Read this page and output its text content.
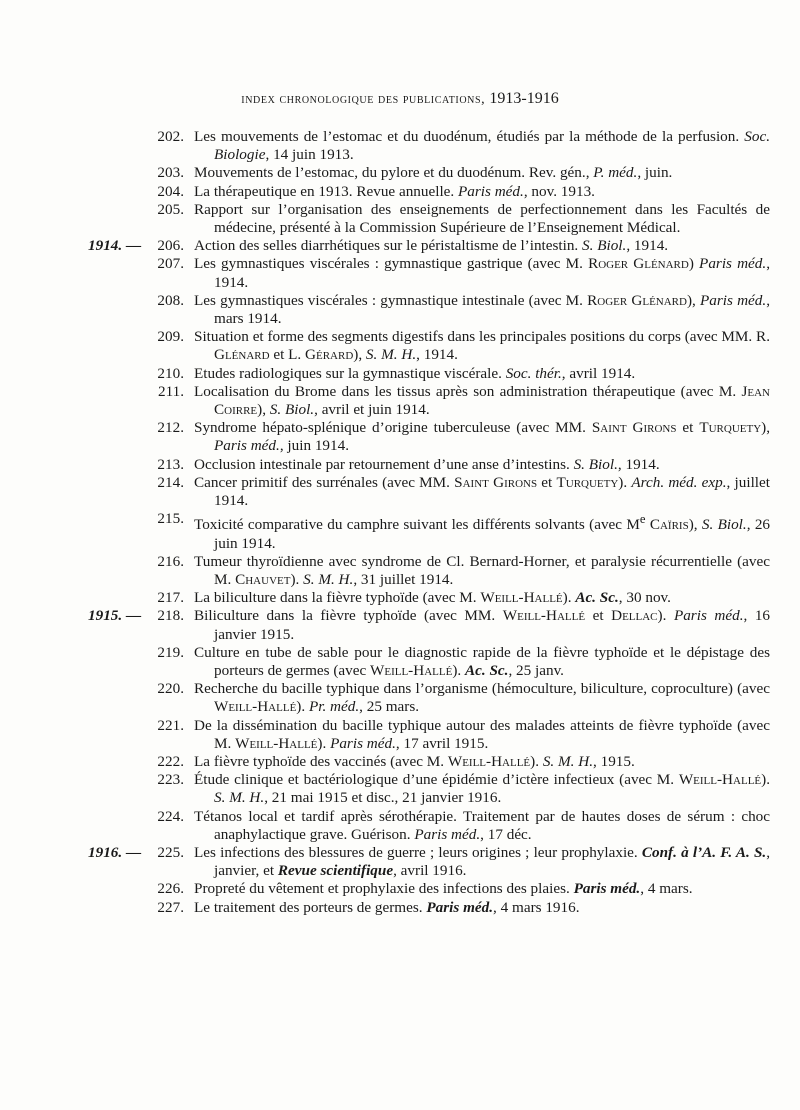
index chronologique des publications, 1913-1916
202. Les mouvements de l’estomac et du duodénum, étudiés par la méthode de la perfusion. Soc. Biologie, 14 juin 1913.
203. Mouvements de l’estomac, du pylore et du duodénum. Rev. gén., P. méd., juin.
204. La thérapeutique en 1913. Revue annuelle. Paris méd., nov. 1913.
205. Rapport sur l’organisation des enseignements de perfectionnement dans les Facultés de médecine, présenté à la Commission Supérieure de l’Enseignement Médical.
1914. —	206. Action des selles diarrhétiques sur le péristaltisme de l’intestin. S. Biol., 1914.
207. Les gymnastiques viscérales : gymnastique gastrique (avec M. Roger Glénard) Paris méd., 1914.
208. Les gymnastiques viscérales : gymnastique intestinale (avec M. Roger Glénard), Paris méd., mars 1914.
209. Situation et forme des segments digestifs dans les principales positions du corps (avec MM. R. Glénard et L. Gérard), S. M. H., 1914.
210. Etudes radiologiques sur la gymnastique viscérale. Soc. thér., avril 1914.
211. Localisation du Brome dans les tissus après son administration thérapeutique (avec M. Jean Coirre), S. Biol., avril et juin 1914.
212. Syndrome hépato-splénique d’origine tuberculeuse (avec MM. Saint Girons et Turquety), Paris méd., juin 1914.
213. Occlusion intestinale par retournement d’une anse d’intestins. S. Biol., 1914.
214. Cancer primitif des surrénales (avec MM. Saint Girons et Turquety). Arch. méd. exp., juillet 1914.
215. Toxicité comparative du camphre suivant les différents solvants (avec Me Caïris), S. Biol., 26 juin 1914.
216. Tumeur thyroïdienne avec syndrome de Cl. Bernard-Horner, et paralysie récurrentielle (avec M. Chauvet). S. M. H., 31 juillet 1914.
217. La biliculture dans la fièvre typhoïde (avec M. Weill-Hallé). Ac. Sc., 30 nov.
1915. —	218. Biliculture dans la fièvre typhoïde (avec MM. Weill-Hallé et Dellac). Paris méd., 16 janvier 1915.
219. Culture en tube de sable pour le diagnostic rapide de la fièvre typhoïde et le dépistage des porteurs de germes (avec Weill-Hallé). Ac. Sc., 25 janv.
220. Recherche du bacille typhique dans l’organisme (hémoculture, biliculture, coproculture) (avec Weill-Hallé). Pr. méd., 25 mars.
221. De la dissémination du bacille typhique autour des malades atteints de fièvre typhoïde (avec M. Weill-Hallé). Paris méd., 17 avril 1915.
222. La fièvre typhoïde des vaccinés (avec M. Weill-Hallé). S. M. H., 1915.
223. Étude clinique et bactériologique d’une épidémie d’ictère infectieux (avec M. Weill-Hallé). S. M. H., 21 mai 1915 et disc., 21 janvier 1916.
224. Tétanos local et tardif après sérothérapie. Traitement par de hautes doses de sérum : choc anaphylactique grave. Guérison. Paris méd., 17 déc.
1916. —	225. Les infections des blessures de guerre ; leurs origines ; leur prophylaxie. Conf. à l’A. F. A. S., janvier, et Revue scientifique, avril 1916.
226. Propreté du vêtement et prophylaxie des infections des plaies. Paris méd., 4 mars.
227. Le traitement des porteurs de germes. Paris méd., 4 mars 1916.
